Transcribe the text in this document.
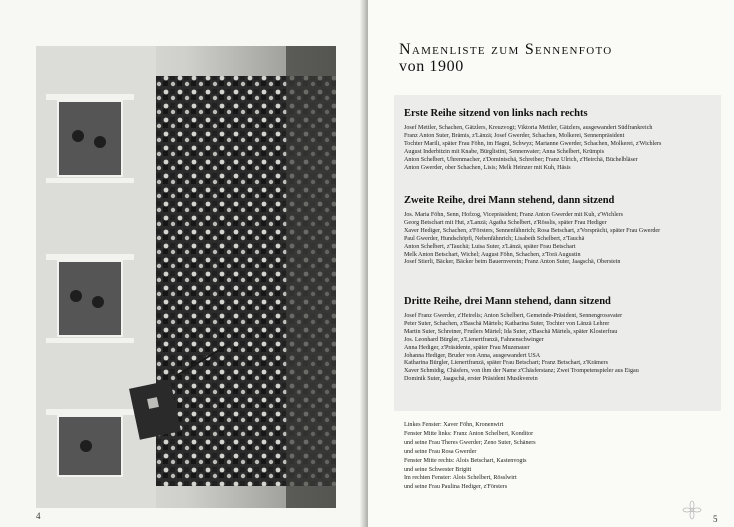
4
Namenliste zum Sennenfoto
von 1900
Erste Reihe sitzend von links nach rechts

Josef Mettler, Schachen, Gätzlers, Kreuzvogt; Viktoria Mettler, Gätzlers, ausgewandert Südfrankreich

Franz Anton Suter, Brämis, z'Länzä; Josef Gwerder, Schachen, Molkerei, Sennenpräsident

Tochter Marili, später Frau Föhn, im Hagni, Schwyz; Marianne Gwerder, Schachen, Molkerei, z'Wichlers

August Inderbitzin mit Knabe, Bürglistini, Sennenvater; Anna Schelbert, Krümpis

Anton Schelbert, Uhrenmacher, z'Domintschä, Schreiber; Franz Ulrich, z'Heirchä, Büchelbläser

Anton Gwerder, ober Schachen, Lisis; Melk Heinzer mit Kuh, Häsis

Zweite Reihe, drei Mann stehend, dann sitzend

Jos. Maria Föhn, Senn, Hofzog, Vicepräsident; Franz Anton Gwerder mit Kuh, z'Wichlers

Georg Betschart mit Hut, z'Lanzä; Agatha Schelbert, z'Rösslis, später Frau Hediger

Xaver Hediger, Schachen, z'Försters, Sennenfähnrich; Rosa Betschart, z'Vorsprächi, später Frau Gwerder

Paul Gwerder, Hundschöpfi, Nebenfähnrich; Lisabeth Schelbert, z'Tauchä

Anton Schelbert, z'Tauchä; Luisa Suter, z'Länzä, später Frau Betschart

Melk Anton Betschart, Wichel; August Föhn, Schachen, z'Torä Augustin

Josef Stierli, Bäcker, Bäcker beim Bauernverein; Franz Anton Suter, Jaagschä, Oberstein

Dritte Reihe, drei Mann stehend, dann sitzend

Josef Franz Gwerder, z'Heirelis; Anton Schelbert, Gemeinde-Präsident, Sennengrossvater

Peter Suter, Schachen, z'Baschä Märtels; Katharina Suter, Tochter von Länzä Lehrer

Martin Suter, Schreiner, Frutlers Märtel; Ida Suter, z'Baschä Märtels, später Klosterfrau

Jos. Leonhard Bürgler, z'Lienertfranzä, Fahnenschwinger

Anna Hediger, z'Präsidente, später Frau Muzenauer

Johanna Hediger, Bruder von Anna, ausgewandert USA

Katharina Bürgler, Lienertfranzä, später Frau Betschart; Franz Betschart, z'Krämers

Xaver Schmidig, Chäsfers, von ihm der Name z'Chäsferstanz; Zwei Trompetenspieler aus Eigau

Dominik Suter, Jaagschä, erster Präsident Musikverein

Linkes Fenster: Xaver Föhn, Kronenwirt

Fenster Mitte links: Franz Anton Schelbert, Konditor

und seine Frau Theres Gwerder; Zeno Suter, Schäners

und seine Frau Rosa Gwerder

Fenster Mitte rechts: Alois Betschart, Kastenvogts

und seine Schwester Brigitt

Im rechten Fenster: Alois Schelbert, Rösslwirt

und seine Frau Paulina Hediger, z'Försters

5
